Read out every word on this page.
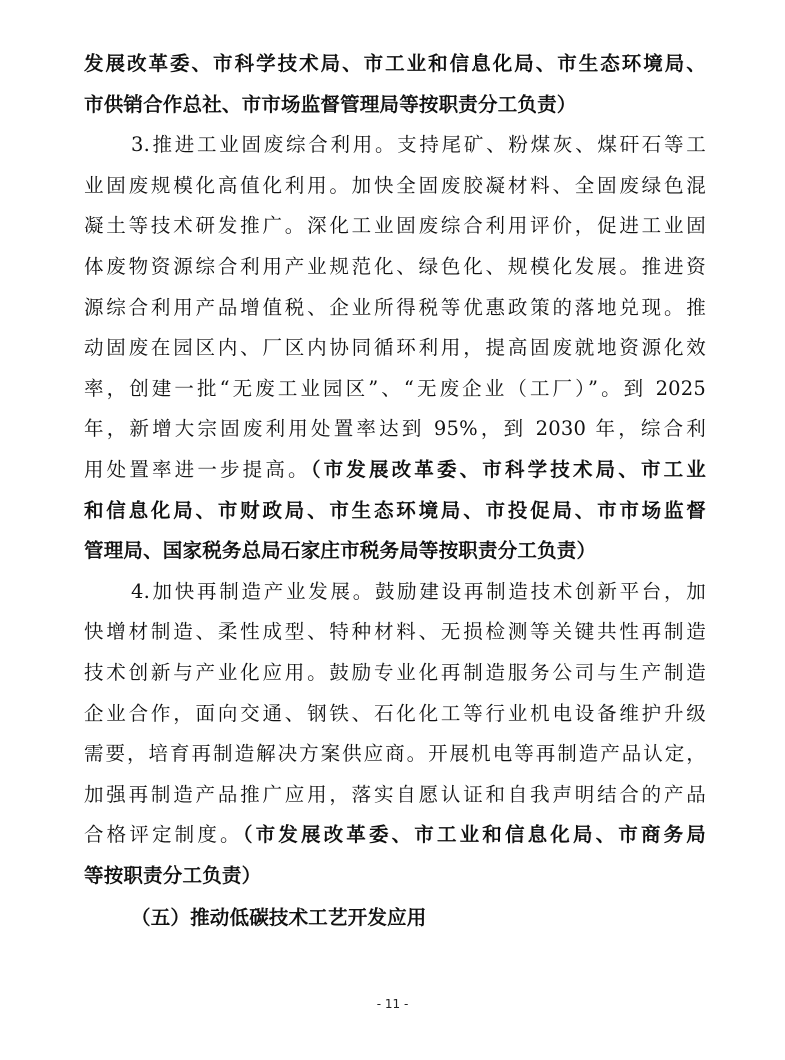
发展改革委、市科学技术局、市工业和信息化局、市生态环境局、
市供销合作总社、市市场监督管理局等按职责分工负责）
3.推进工业固废综合利用。支持尾矿、粉煤灰、煤矸石等工
业固废规模化高值化利用。加快全固废胶凝材料、全固废绿色混
凝土等技术研发推广。深化工业固废综合利用评价，促进工业固
体废物资源综合利用产业规范化、绿色化、规模化发展。推进资
源综合利用产品增值税、企业所得税等优惠政策的落地兑现。推
动固废在园区内、厂区内协同循环利用，提高固废就地资源化效
率，创建一批“无废工业园区”、“无废企业（工厂）”。到 2025
年，新增大宗固废利用处置率达到 95%，到 2030 年，综合利
用处置率进一步提高。（市发展改革委、市科学技术局、市工业
和信息化局、市财政局、市生态环境局、市投促局、市市场监督
管理局、国家税务总局石家庄市税务局等按职责分工负责）
4.加快再制造产业发展。鼓励建设再制造技术创新平台，加
快增材制造、柔性成型、特种材料、无损检测等关键共性再制造
技术创新与产业化应用。鼓励专业化再制造服务公司与生产制造
企业合作，面向交通、钢铁、石化化工等行业机电设备维护升级
需要，培育再制造解决方案供应商。开展机电等再制造产品认定，
加强再制造产品推广应用，落实自愿认证和自我声明结合的产品
合格评定制度。（市发展改革委、市工业和信息化局、市商务局
等按职责分工负责）
（五）推动低碳技术工艺开发应用
- 11 -
